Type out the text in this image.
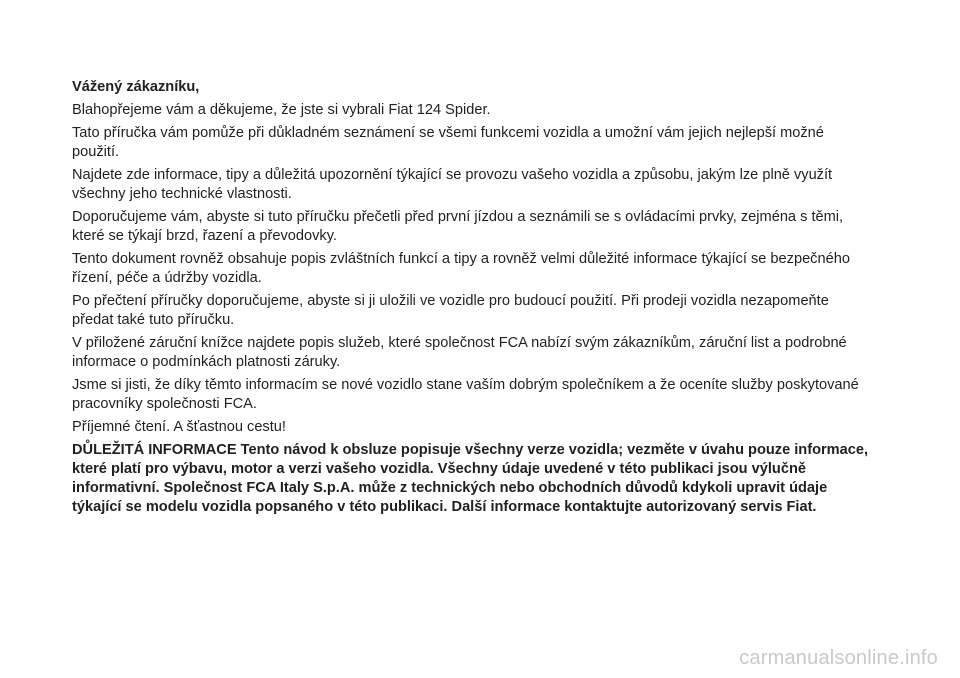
Vážený zákazníku,

Blahopřejeme vám a děkujeme, že jste si vybrali Fiat 124 Spider.

Tato příručka vám pomůže při důkladném seznámení se všemi funkcemi vozidla a umožní vám jejich nejlepší možné použití.

Najdete zde informace, tipy a důležitá upozornění týkající se provozu vašeho vozidla a způsobu, jakým lze plně využít všechny jeho technické vlastnosti.

Doporučujeme vám, abyste si tuto příručku přečetli před první jízdou a seznámili se s ovládacími prvky, zejména s těmi, které se týkají brzd, řazení a převodovky.

Tento dokument rovněž obsahuje popis zvláštních funkcí a tipy a rovněž velmi důležité informace týkající se bezpečného řízení, péče a údržby vozidla.

Po přečtení příručky doporučujeme, abyste si ji uložili ve vozidle pro budoucí použití. Při prodeji vozidla nezapomeňte předat také tuto příručku.

V přiložené záruční knížce najdete popis služeb, které společnost FCA nabízí svým zákazníkům, záruční list a podrobné informace o podmínkách platnosti záruky.

Jsme si jisti, že díky těmto informacím se nové vozidlo stane vaším dobrým společníkem a že oceníte služby poskytované pracovníky společnosti FCA.

Příjemné čtení. A šťastnou cestu!

DŮLEŽITÁ INFORMACE Tento návod k obsluze popisuje všechny verze vozidla; vezměte v úvahu pouze informace, které platí pro výbavu, motor a verzi vašeho vozidla. Všechny údaje uvedené v této publikaci jsou výlučně informativní. Společnost FCA Italy S.p.A. může z technických nebo obchodních důvodů kdykoli upravit údaje týkající se modelu vozidla popsaného v této publikaci. Další informace kontaktujte autorizovaný servis Fiat.

carmanualsonline.info
